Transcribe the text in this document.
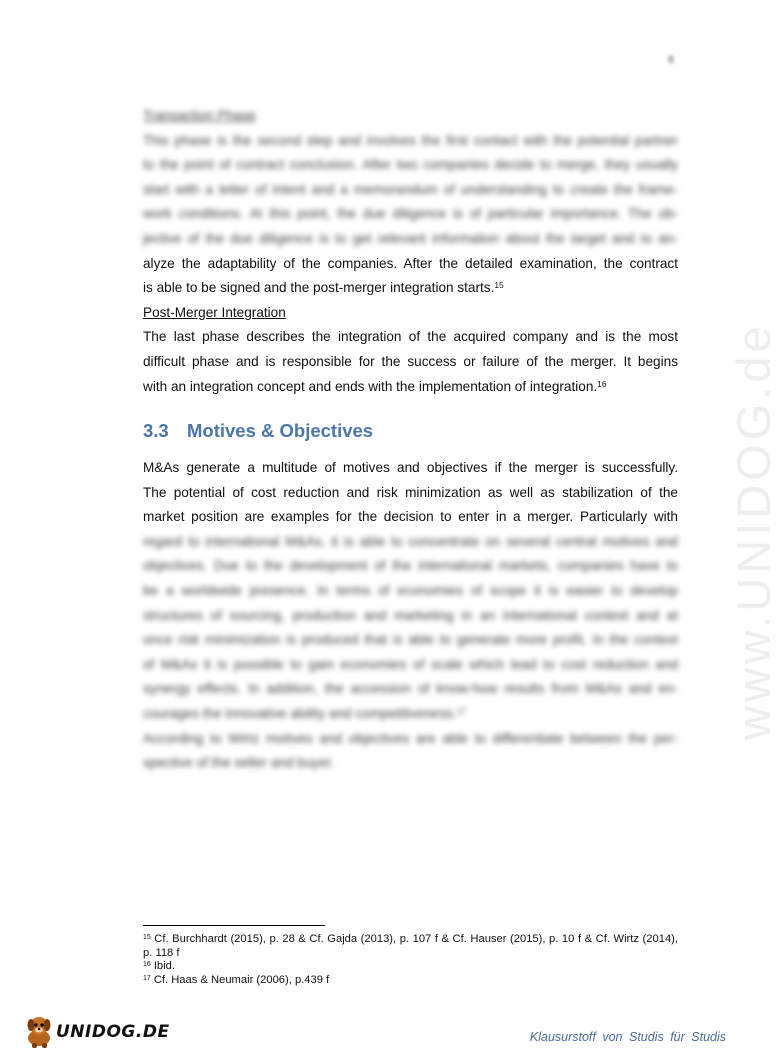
6
www.UNIDOG.de
Transaction Phase
This phase is the second step and involves the first contact with the potential partner
to the point of contract conclusion. After two companies decide to merge, they usually
start with a letter of intent and a memorandum of understanding to create the frame-
work conditions. At this point, the due diligence is of particular importance. The ob-
jective of the due diligence is to get relevant information about the target and to an-
alyze the adaptability of the companies. After the detailed examination, the contract
is able to be signed and the post-merger integration starts.$^{15}$
Post-Merger Integration
The last phase describes the integration of the acquired company and is the most
difficult phase and is responsible for the success or failure of the merger. It begins
with an integration concept and ends with the implementation of integration.$^{16}$
3.3 Motives & Objectives
M&As generate a multitude of motives and objectives if the merger is successfully.
The potential of cost reduction and risk minimization as well as stabilization of the
market position are examples for the decision to enter in a merger. Particularly with
regard to international M&As, it is able to concentrate on several central motives and
objectives. Due to the development of the international markets, companies have to
be a worldwide presence. In terms of economies of scope it is easier to develop
structures of sourcing, production and marketing in an international context and at
once risk minimization is produced that is able to generate more profit. In the context
of M&As it is possible to gain economies of scale which lead to cost reduction and
synergy effects. In addition, the accession of know-how results from M&As and en-
courages the innovative ability and competitiveness.$^{17}$
According to Wirtz motives and objectives are able to differentiate between the per-
spective of the seller and buyer.
$^{15}$ Cf. Burchhardt (2015), p. 28 & Cf. Gajda (2013), p. 107 f & Cf. Hauser (2015), p. 10 f & Cf. Wirtz (2014), p. 118 f
$^{16}$ Ibid.
$^{17}$ Cf. Haas & Neumair (2006), p.439 f
UNIDOG.DE	Klausurstoff von Studis für Studis
